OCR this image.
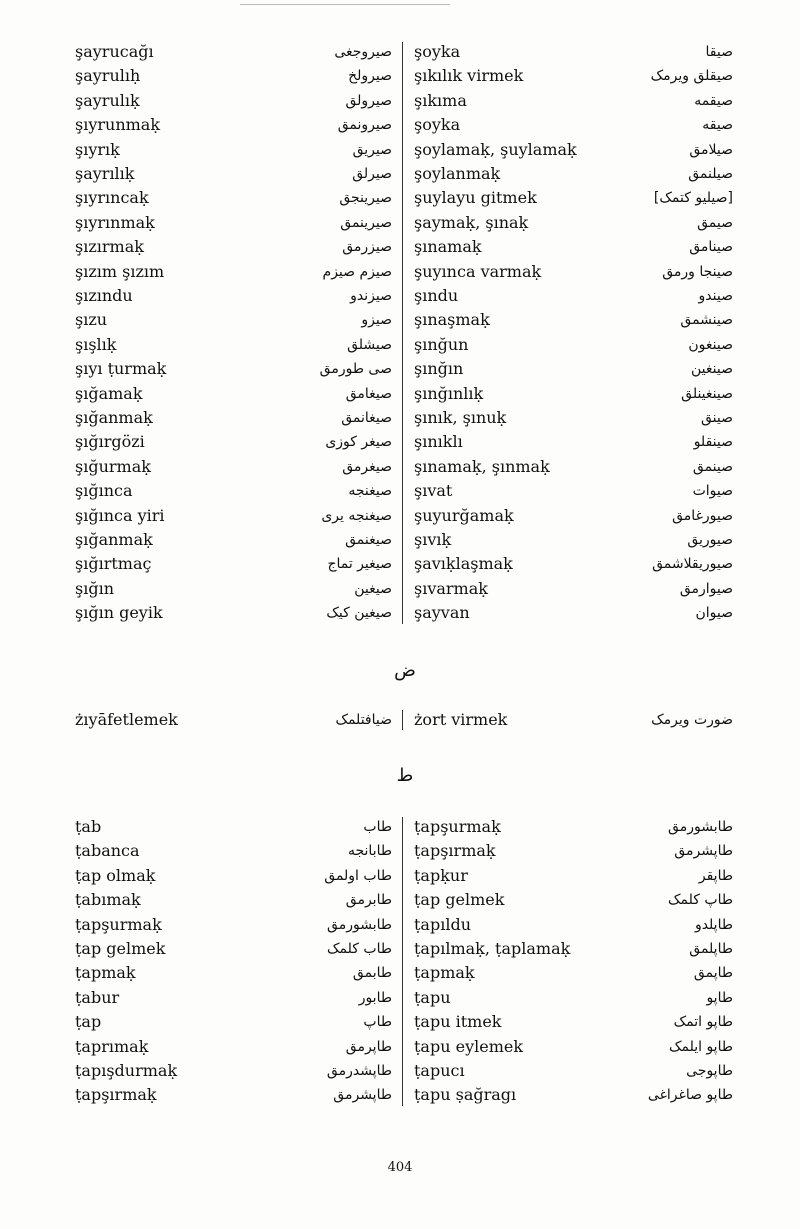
şayrucağı	صیروجغی şoyka	صیقا
şayrulıḥ	صیرولخ şıkılık virmek	صیقلق ویرمک
şayrulıḳ	صیرولق şıkıma	صیقمه
şıyrunmaḳ	صیرونمق şoyka	صیقه
şıyrıḳ	صیریق şoylamaḳ, şuylamaḳ	صیلامق
şayrılıḳ	صیرلق şoylanmaḳ	صیلنمق
şıyrıncaḳ	صیرینجق şuylayu gitmek	[صیلیو کتمک]
şıyrınmaḳ	صیرینمق şaymaḳ, şınaḳ	صیمق
şızırmaḳ	صیزرمق şınamaḳ	صینامق
şızım şızım	صیزم صیزم şuyınca varmaḳ	صینجا ورمق
şızındu	صیزندو şındu	صیندو
şızu	صیزو şınaşmaḳ	صینشمق
şışlıḳ	صیشلق şınğun	صینغون
şıyı ṭurmaḳ	صی طورمق şınğın	صینغین
şığamaḳ	صیغامق şınğınlıḳ	صینغینلق
şığanmaḳ	صیغانمق şınık, şınuḳ	صینق
şığırgözi	صیغر کوزی şınıklı	صینقلو
şığurmaḳ	صیغرمق şınamaḳ, şınmaḳ	صینمق
şığınca	صیغنجه şıvat	صیوات
şığınca yiri	صیغنجه یری şuyurğamaḳ	صیورغامق
şığanmaḳ	صیغنمق şıvıḳ	صیوریق
şığırtmaç	صیغیر تماج şavıḳlaşmaḳ	صیوریقلاشمق
şığın	صیغین şıvarmaḳ	صیوارمق
şığın geyik	صیغین کیک şayvan	صیوان
ض
żıyāfetlemek	ضیافتلمک żort virmek	ضورت ویرمک
ط
ṭab	طاب ṭapşurmaḳ	طابشورمق
ṭabanca	طابانجه ṭapşırmaḳ	طاپشرمق
ṭap olmaḳ	طاب اولمق ṭapḳur	طاپقر
ṭabımaḳ	طابرمق ṭap gelmek	طاپ کلمک
ṭapşurmaḳ	طابشورمق ṭapıldu	طاپلدو
ṭap gelmek	طاب کلمک ṭapılmaḳ, ṭaplamaḳ	طاپلمق
ṭapmaḳ	طابمق ṭapmaḳ	طاپمق
ṭabur	طابور ṭapu	طاپو
ṭap	طاپ ṭapu itmek	طاپو اتمک
ṭaprımaḳ	طاپرمق ṭapu eylemek	طاپو ایلمک
ṭapışdurmaḳ	طاپشدرمق ṭapucı	طاپوجی
ṭapşırmaḳ	طاپشرمق ṭapu ṣağragı	طاپو صاغراغی
404
